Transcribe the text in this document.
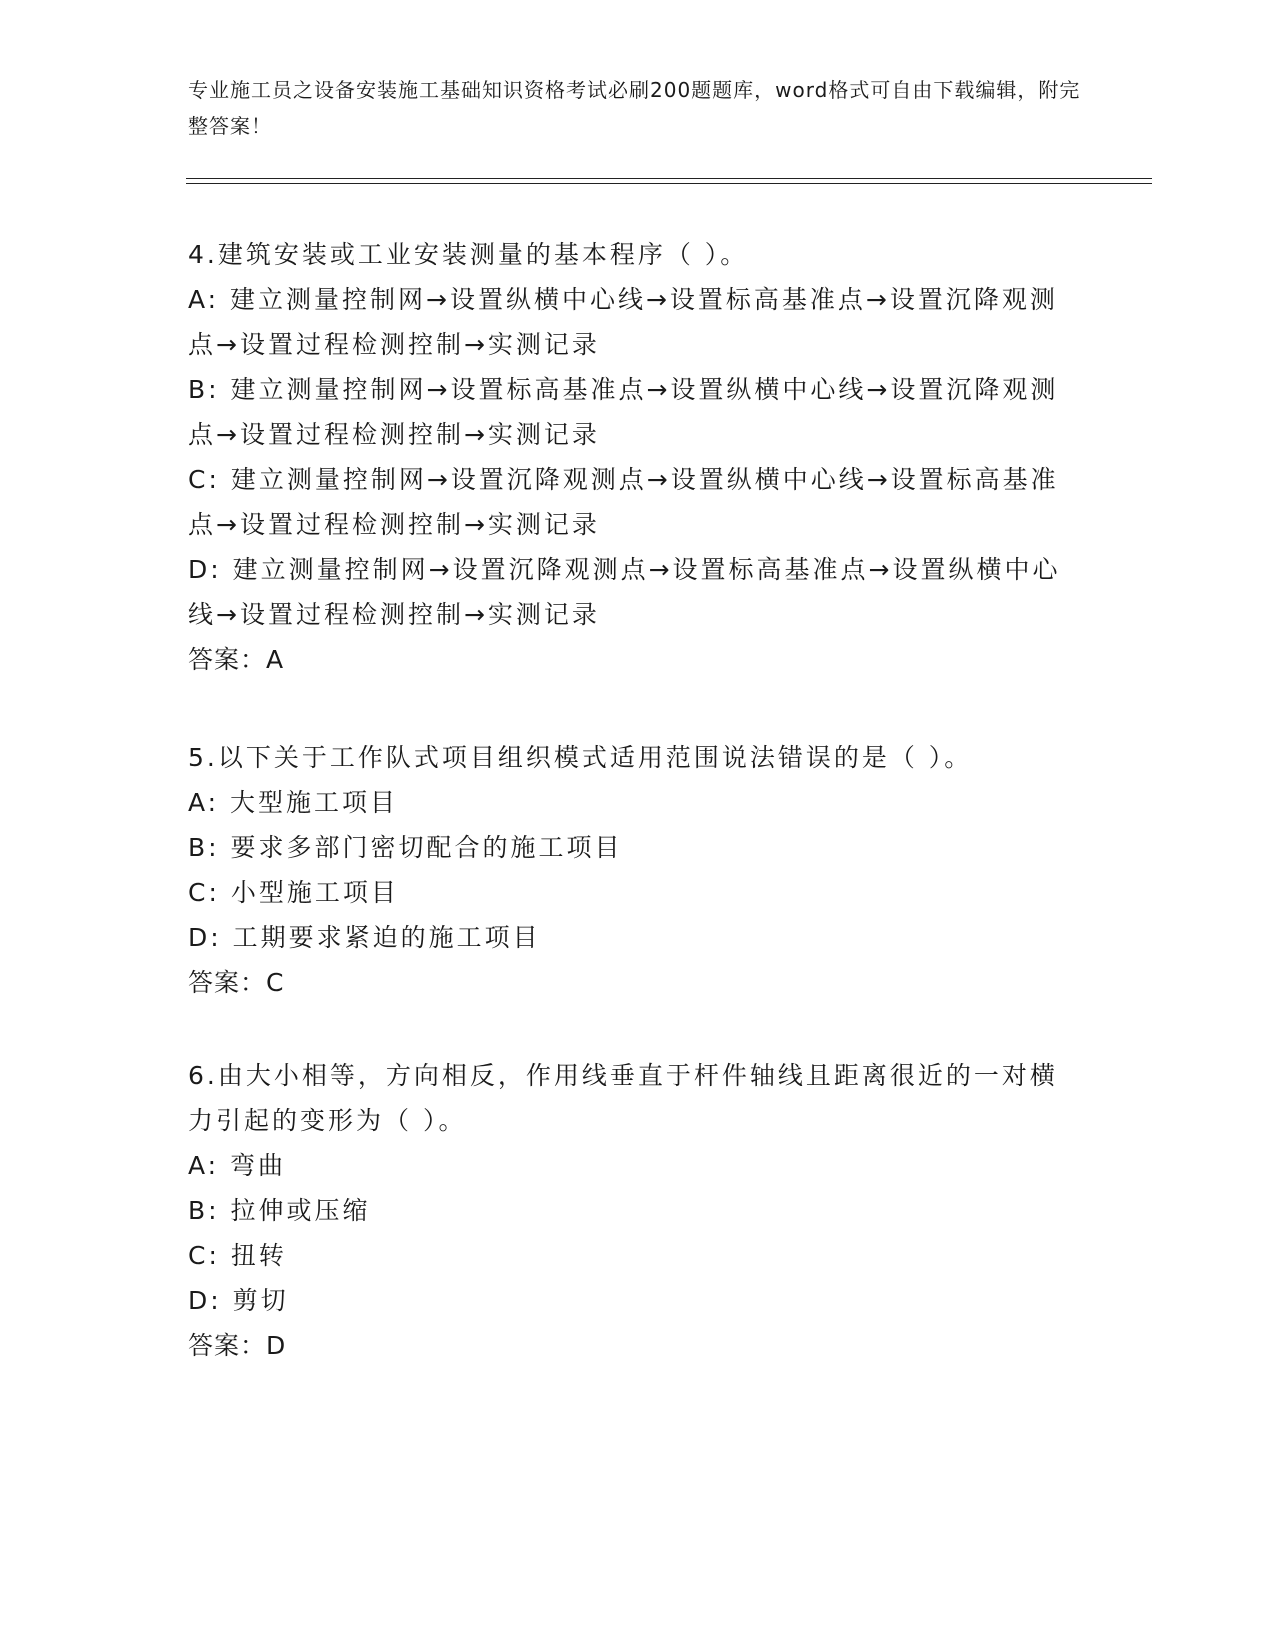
专业施工员之设备安装施工基础知识资格考试必刷200题题库，word格式可自由下载编辑，附完整答案！
4.建筑安装或工业安装测量的基本程序（ ）。
A: 建立测量控制网→设置纵横中心线→设置标高基准点→设置沉降观测点→设置过程检测控制→实测记录
B: 建立测量控制网→设置标高基准点→设置纵横中心线→设置沉降观测点→设置过程检测控制→实测记录
C: 建立测量控制网→设置沉降观测点→设置纵横中心线→设置标高基准点→设置过程检测控制→实测记录
D: 建立测量控制网→设置沉降观测点→设置标高基准点→设置纵横中心线→设置过程检测控制→实测记录
答案：A
5.以下关于工作队式项目组织模式适用范围说法错误的是（ ）。
A: 大型施工项目
B: 要求多部门密切配合的施工项目
C: 小型施工项目
D: 工期要求紧迫的施工项目
答案：C
6.由大小相等，方向相反，作用线垂直于杆件轴线且距离很近的一对横力引起的变形为（ ）。
A: 弯曲
B: 拉伸或压缩
C: 扭转
D: 剪切
答案：D
